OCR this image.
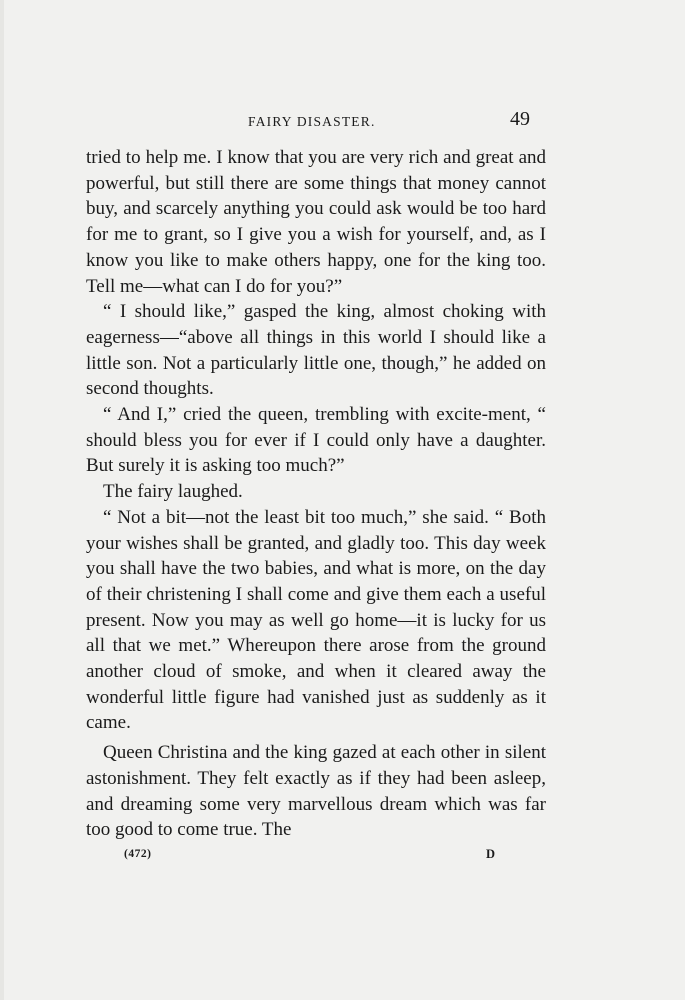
FAIRY DISASTER.	49

tried to help me. I know that you are very rich and great and powerful, but still there are some things that money cannot buy, and scarcely anything you could ask would be too hard for me to grant, so I give you a wish for yourself, and, as I know you like to make others happy, one for the king too. Tell me—what can I do for you?”

“ I should like,” gasped the king, almost choking with eagerness—“above all things in this world I should like a little son. Not a particularly little one, though,” he added on second thoughts.

“ And I,” cried the queen, trembling with excite-ment, “ should bless you for ever if I could only have a daughter. But surely it is asking too much?”

The fairy laughed.

“ Not a bit—not the least bit too much,” she said. “ Both your wishes shall be granted, and gladly too. This day week you shall have the two babies, and what is more, on the day of their christening I shall come and give them each a useful present. Now you may as well go home—it is lucky for us all that we met.” Whereupon there arose from the ground another cloud of smoke, and when it cleared away the wonderful little figure had vanished just as suddenly as it came.

Queen Christina and the king gazed at each other in silent astonishment. They felt exactly as if they had been asleep, and dreaming some very marvellous dream which was far too good to come true. The

(472)	D
